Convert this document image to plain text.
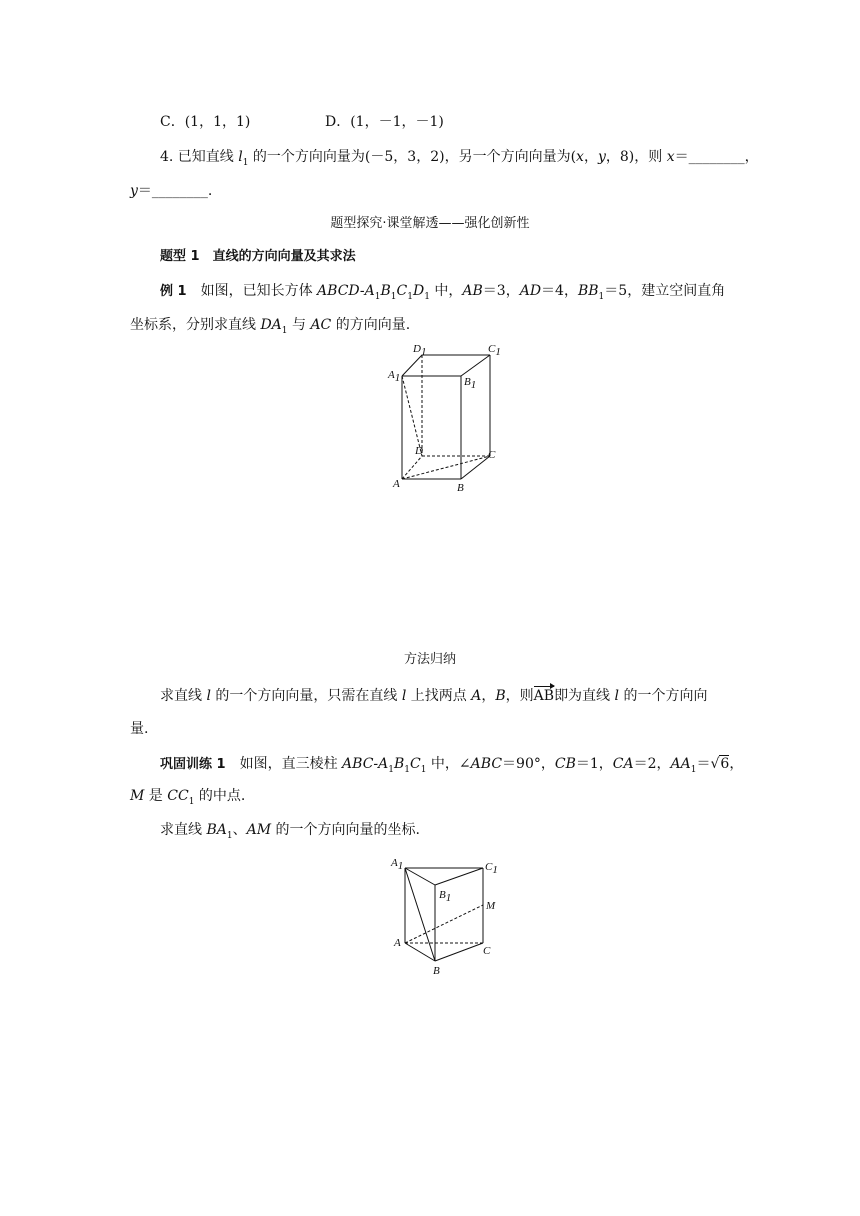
C．(1，1，1)	D．(1，－1，－1)
4. 已知直线 $l_1$ 的一个方向向量为(－5，3，2)，另一个方向向量为(x，y，8)，则 x＝________，
y＝________.
题型探究·课堂解透——强化创新性
题型 1　直线的方向向量及其求法
例 1　如图，已知长方体 ABCD-$A_1B_1C_1D_1$ 中，AB＝3，AD＝4，$BB_1=5$，建立空间直角
坐标系，分别求直线 $DA_1$ 与 AC 的方向向量.
D1	C1
A1	B1
D	C
A	B
方法归纳
求直线 l 的一个方向向量，只需在直线 l 上找两点 A，B，则AB即为直线 l 的一个方向向
量.
巩固训练 1　如图，直三棱柱 ABC-$A_1B_1C_1$ 中，∠ABC＝90°，CB＝1，CA＝2，$AA_1=√6$，
M 是 $CC_1$ 的中点.
求直线 $BA_1$、AM 的一个方向向量的坐标.
A1	C1
B1
M
A
C
B
